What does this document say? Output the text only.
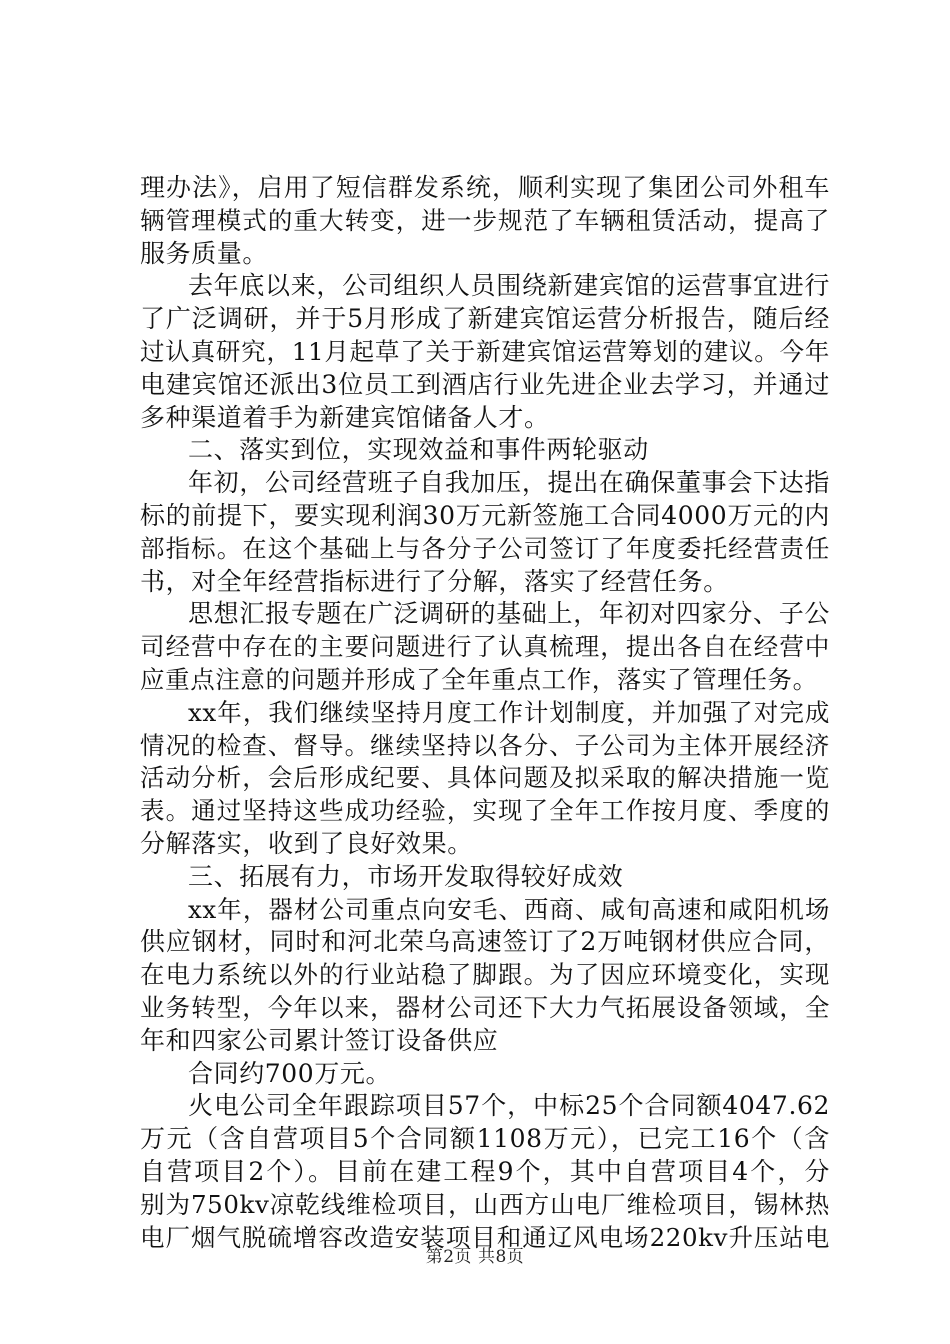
理办法》，启用了短信群发系统，顺利实现了集团公司外租车
辆管理模式的重大转变，进一步规范了车辆租赁活动，提高了
服务质量。
去年底以来，公司组织人员围绕新建宾馆的运营事宜进行
了广泛调研，并于5月形成了新建宾馆运营分析报告，随后经
过认真研究，11月起草了关于新建宾馆运营筹划的建议。今年
电建宾馆还派出3位员工到酒店行业先进企业去学习，并通过
多种渠道着手为新建宾馆储备人才。
二、落实到位，实现效益和事件两轮驱动
年初，公司经营班子自我加压，提出在确保董事会下达指
标的前提下，要实现利润30万元新签施工合同4000万元的内
部指标。在这个基础上与各分子公司签订了年度委托经营责任
书，对全年经营指标进行了分解，落实了经营任务。
思想汇报专题在广泛调研的基础上，年初对四家分、子公
司经营中存在的主要问题进行了认真梳理，提出各自在经营中
应重点注意的问题并形成了全年重点工作，落实了管理任务。
xx年，我们继续坚持月度工作计划制度，并加强了对完成
情况的检查、督导。继续坚持以各分、子公司为主体开展经济
活动分析，会后形成纪要、具体问题及拟采取的解决措施一览
表。通过坚持这些成功经验，实现了全年工作按月度、季度的
分解落实，收到了良好效果。
三、拓展有力，市场开发取得较好成效
xx年，器材公司重点向安毛、西商、咸旬高速和咸阳机场
供应钢材，同时和河北荣乌高速签订了2万吨钢材供应合同，
在电力系统以外的行业站稳了脚跟。为了因应环境变化，实现
业务转型，今年以来，器材公司还下大力气拓展设备领域，全
年和四家公司累计签订设备供应
合同约700万元。
火电公司全年跟踪项目57个，中标25个合同额4047.62
万元（含自营项目5个合同额1108万元），已完工16个（含
自营项目2个）。目前在建工程9个，其中自营项目4个，分
别为750kv凉乾线维检项目，山西方山电厂维检项目，锡林热
电厂烟气脱硫增容改造安装项目和通辽风电场220kv升压站电
第2页 共8页
